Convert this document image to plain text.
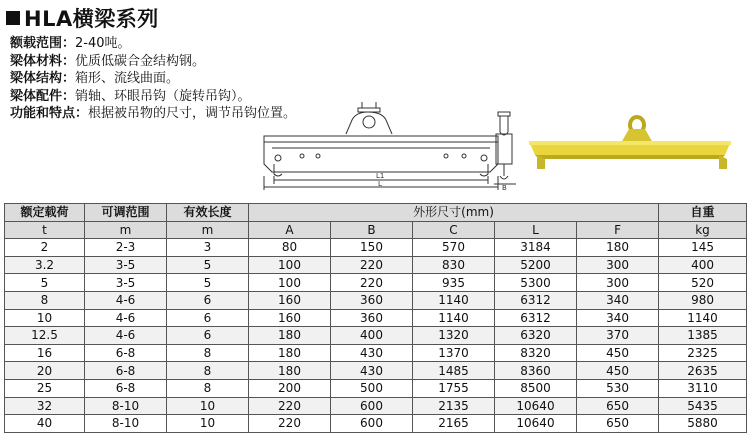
HLA横梁系列
额载范围：2-40吨。
梁体材料：优质低碳合金结构钢。
梁体结构：箱形、流线曲面。
梁体配件：销轴、环眼吊钩（旋转吊钩）。
功能和特点：根据被吊物的尺寸，调节吊钩位置。
L1
L	B
额定载荷	可调范围	有效长度	外形尺寸(mm)					自重
t	m	m	A	B	C	L	F	kg
2	2-3	3	80	150	570	3184	180	145
3.2	3-5	5	100	220	830	5200	300	400
5	3-5	5	100	220	935	5300	300	520
8	4-6	6	160	360	1140	6312	340	980
10	4-6	6	160	360	1140	6312	340	1140
12.5	4-6	6	180	400	1320	6320	370	1385
16	6-8	8	180	430	1370	8320	450	2325
20	6-8	8	180	430	1485	8360	450	2635
25	6-8	8	200	500	1755	8500	530	3110
32	8-10	10	220	600	2135	10640	650	5435
40	8-10	10	220	600	2165	10640	650	5880
